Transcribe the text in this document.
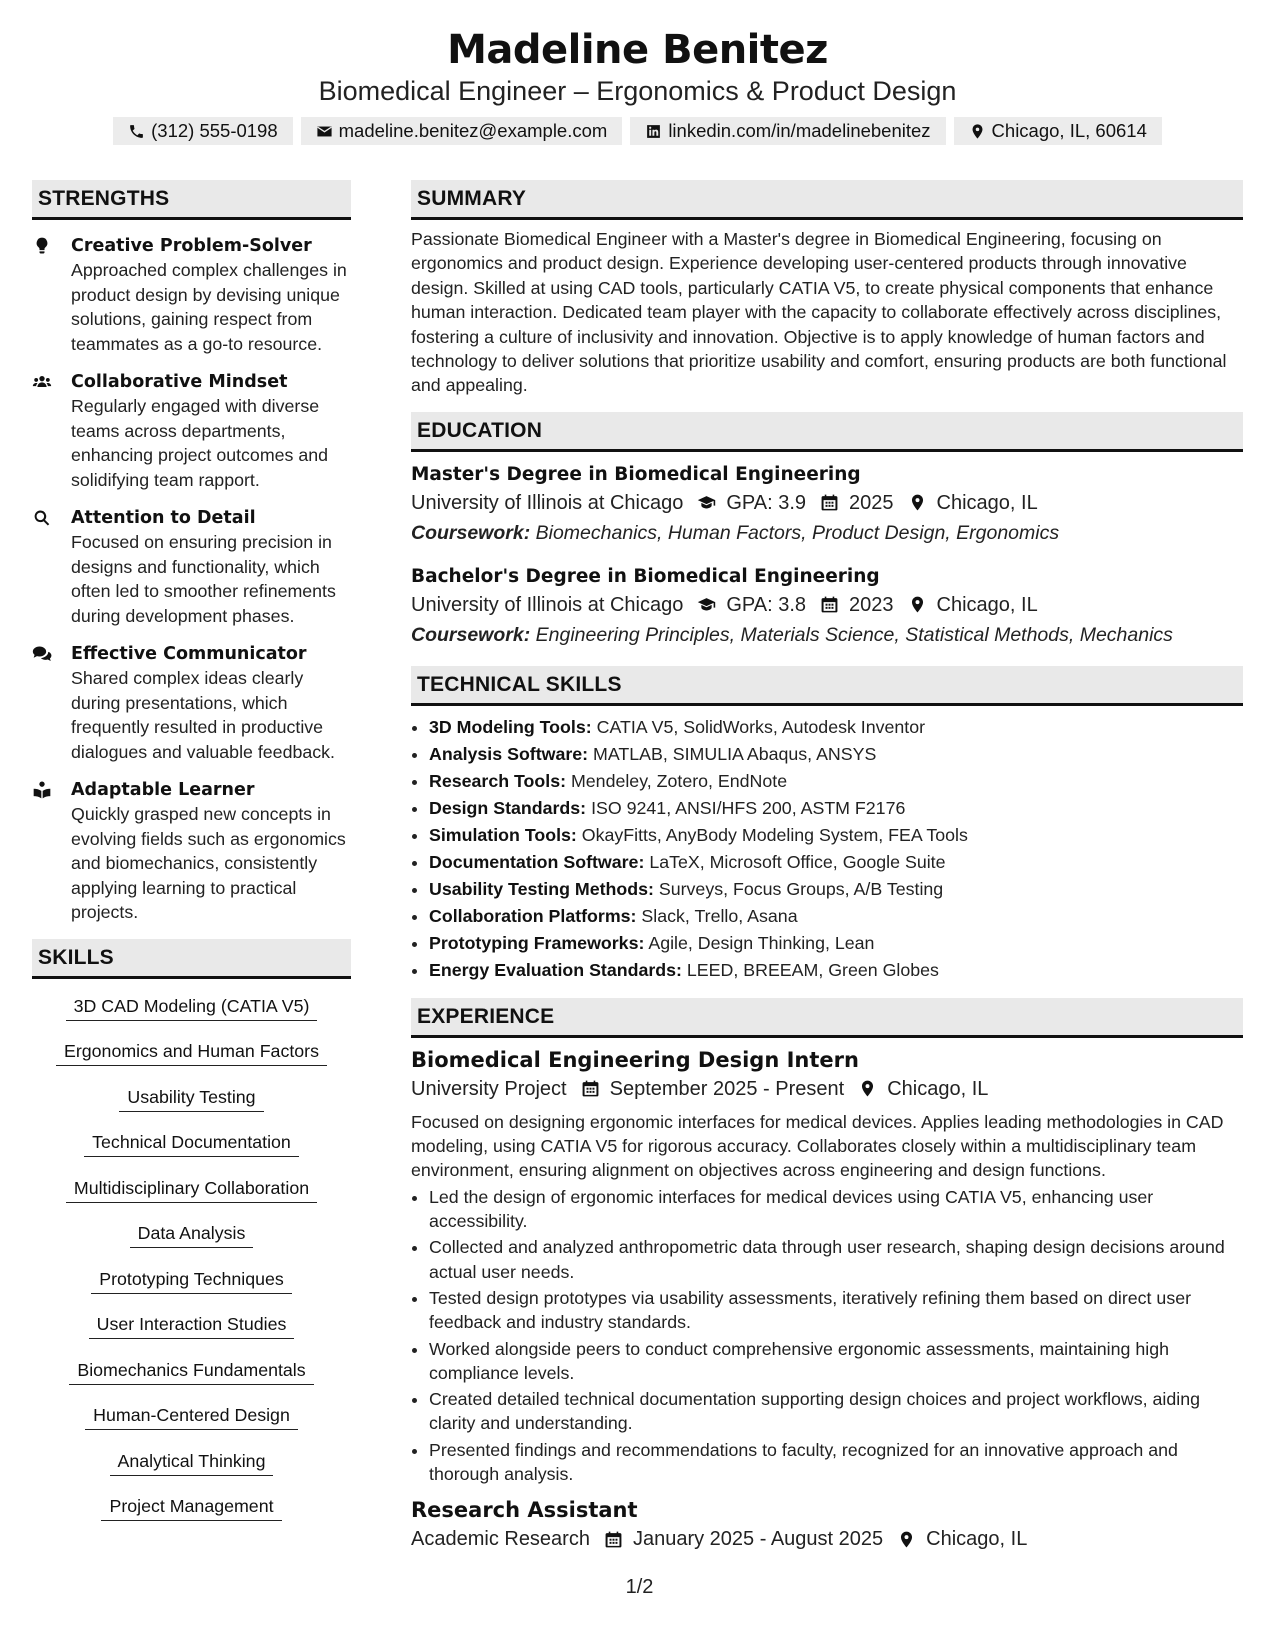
Madeline Benitez
Biomedical Engineer – Ergonomics & Product Design
(312) 555-0198	madeline.benitez@example.com	linkedin.com/in/madelinebenitez	Chicago, IL, 60614
STRENGTHS
Creative Problem-Solver
Approached complex challenges in product design by devising unique solutions, gaining respect from teammates as a go-to resource.
Collaborative Mindset
Regularly engaged with diverse teams across departments, enhancing project outcomes and solidifying team rapport.
Attention to Detail
Focused on ensuring precision in designs and functionality, which often led to smoother refinements during development phases.
Effective Communicator
Shared complex ideas clearly during presentations, which frequently resulted in productive dialogues and valuable feedback.
Adaptable Learner
Quickly grasped new concepts in evolving fields such as ergonomics and biomechanics, consistently applying learning to practical projects.
SKILLS
3D CAD Modeling (CATIA V5)
Ergonomics and Human Factors
Usability Testing
Technical Documentation
Multidisciplinary Collaboration
Data Analysis
Prototyping Techniques
User Interaction Studies
Biomechanics Fundamentals
Human-Centered Design
Analytical Thinking
Project Management
SUMMARY

Passionate Biomedical Engineer with a Master's degree in Biomedical Engineering, focusing on ergonomics and product design. Experience developing user-centered products through innovative design. Skilled at using CAD tools, particularly CATIA V5, to create physical components that enhance human interaction. Dedicated team player with the capacity to collaborate effectively across disciplines, fostering a culture of inclusivity and innovation. Objective is to apply knowledge of human factors and technology to deliver solutions that prioritize usability and comfort, ensuring products are both functional and appealing.

EDUCATION
Master's Degree in Biomedical Engineering
University of Illinois at Chicago GPA: 3.9 2025 Chicago, IL
Coursework: Biomechanics, Human Factors, Product Design, Ergonomics
Bachelor's Degree in Biomedical Engineering
University of Illinois at Chicago GPA: 3.8 2023 Chicago, IL
Coursework: Engineering Principles, Materials Science, Statistical Methods, Mechanics
TECHNICAL SKILLS
• 3D Modeling Tools: CATIA V5, SolidWorks, Autodesk Inventor
• Analysis Software: MATLAB, SIMULIA Abaqus, ANSYS
• Research Tools: Mendeley, Zotero, EndNote
• Design Standards: ISO 9241, ANSI/HFS 200, ASTM F2176
• Simulation Tools: OkayFitts, AnyBody Modeling System, FEA Tools
• Documentation Software: LaTeX, Microsoft Office, Google Suite
• Usability Testing Methods: Surveys, Focus Groups, A/B Testing
• Collaboration Platforms: Slack, Trello, Asana
• Prototyping Frameworks: Agile, Design Thinking, Lean
• Energy Evaluation Standards: LEED, BREEAM, Green Globes
EXPERIENCE
Biomedical Engineering Design Intern
University Project September 2025 - Present Chicago, IL

Focused on designing ergonomic interfaces for medical devices. Applies leading methodologies in CAD modeling, using CATIA V5 for rigorous accuracy. Collaborates closely within a multidisciplinary team environment, ensuring alignment on objectives across engineering and design functions.

• Led the design of ergonomic interfaces for medical devices using CATIA V5, enhancing user accessibility.
• Collected and analyzed anthropometric data through user research, shaping design decisions around actual user needs.
• Tested design prototypes via usability assessments, iteratively refining them based on direct user feedback and industry standards.
• Worked alongside peers to conduct comprehensive ergonomic assessments, maintaining high compliance levels.
• Created detailed technical documentation supporting design choices and project workflows, aiding clarity and understanding.
• Presented findings and recommendations to faculty, recognized for an innovative approach and thorough analysis.
Research Assistant
Academic Research January 2025 - August 2025 Chicago, IL
1/2
